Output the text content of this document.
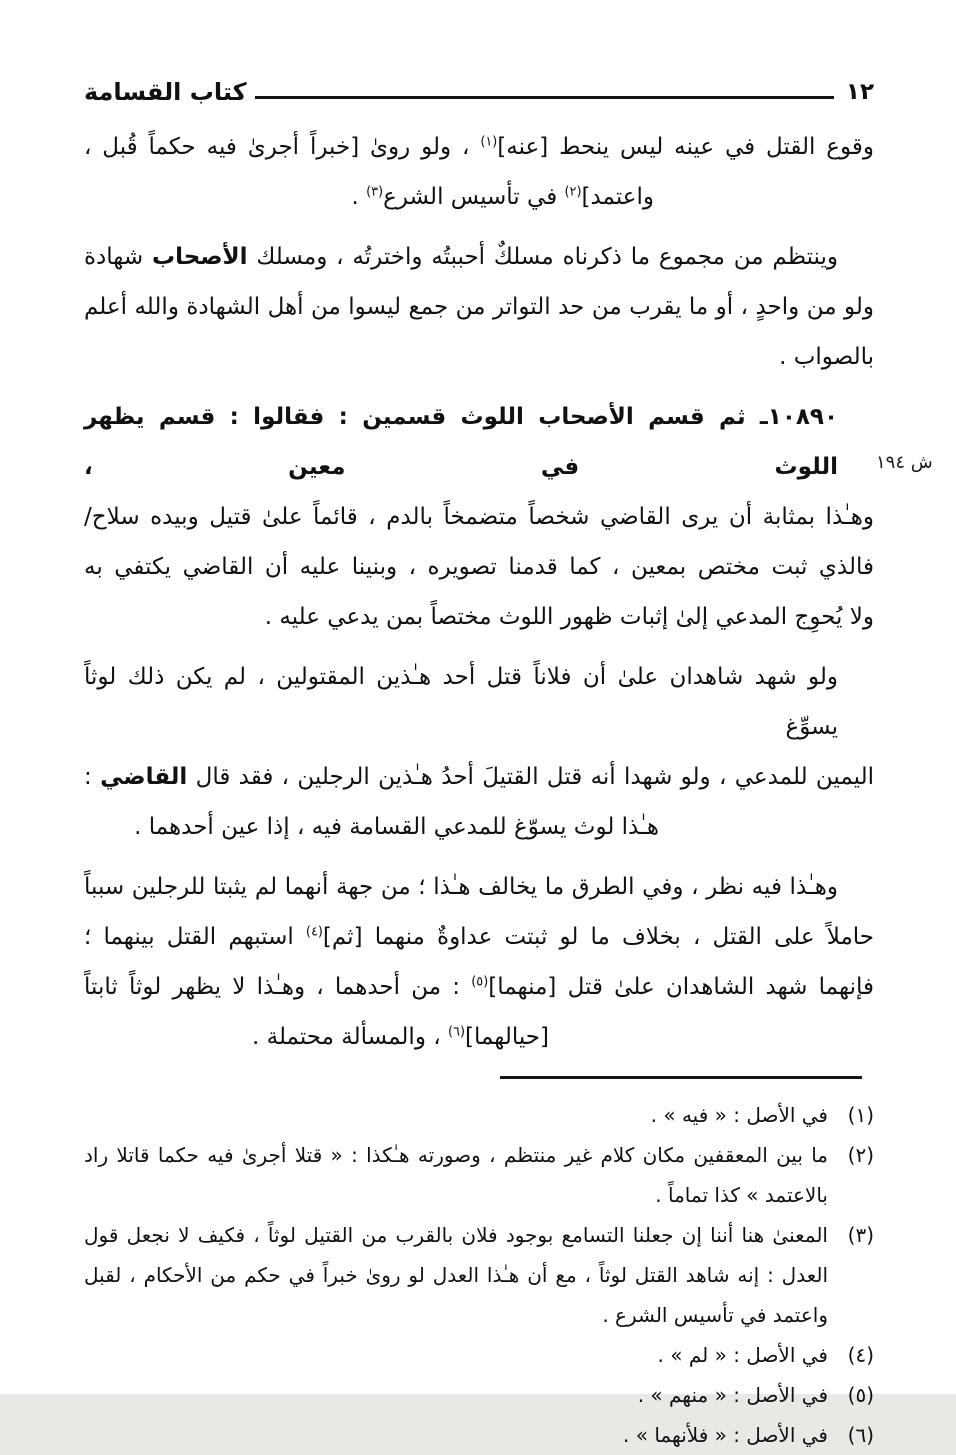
١٢
كتاب القسامة
ش ١٩٤
وقوع القتل في عينه ليس ينحط [عنه]$^{(١)}$ ، ولو روىٰ [خبراً أجرىٰ فيه حكماً قُبل ،
واعتمد]$^{(٢)}$ في تأسيس الشرع$^{(٣)}$ .
وينتظم من مجموع ما ذكرناه مسلكٌ أحببتُه واخترتُه ، ومسلك الأصحاب شهادة
ولو من واحدٍ ، أو ما يقرب من حد التواتر من جمع ليسوا من أهل الشهادة والله أعلم
بالصواب .
١٠٨٩٠ـ ثم قسم الأصحاب اللوث قسمين : فقالوا : قسم يظهر اللوث في معين ،
وهـٰذا بمثابة أن يرى القاضي شخصاً متضمخاً بالدم ، قائماً علىٰ قتيل وبيده سلاح/
فالذي ثبت مختص بمعين ، كما قدمنا تصويره ، وبنينا عليه أن القاضي يكتفي به
ولا يُحوِج المدعي إلىٰ إثبات ظهور اللوث مختصاً بمن يدعي عليه .
ولو شهد شاهدان علىٰ أن فلاناً قتل أحد هـٰذين المقتولين ، لم يكن ذلك لوثاً يسوِّغ
اليمين للمدعي ، ولو شهدا أنه قتل القتيلَ أحدُ هـٰذين الرجلين ، فقد قال القاضي :
هـٰذا لوث يسوّغ للمدعي القسامة فيه ، إذا عين أحدهما .
وهـٰذا فيه نظر ، وفي الطرق ما يخالف هـٰذا ؛ من جهة أنهما لم يثبتا للرجلين سبباً
حاملاً على القتل ، بخلاف ما لو ثبتت عداوةٌ منهما [ثم]$^{(٤)}$ استبهم القتل بينهما ؛
فإنهما شهد الشاهدان علىٰ قتل [منهما]$^{(٥)}$ : من أحدهما ، وهـٰذا لا يظهر لوثاً ثابتاً
[حيالهما]$^{(٦)}$ ، والمسألة محتملة .
(١)
في الأصل : « فيه » .
(٢)
ما بين المعقفين مكان كلام غير منتظم ، وصورته هـٰكذا : « قتلا أجرىٰ فيه حكما قاتلا راد بالاعتمد » كذا تماماً .
(٣)
المعنىٰ هنا أننا إن جعلنا التسامع بوجود فلان بالقرب من القتيل لوثاً ، فكيف لا نجعل قول العدل : إنه شاهد القتل لوثاً ، مع أن هـٰذا العدل لو روىٰ خبراً في حكم من الأحكام ، لقبل واعتمد في تأسيس الشرع .
(٤)
في الأصل : « لم » .
(٥)
في الأصل : « منهم » .
(٦)
في الأصل : « فلأنهما » .
